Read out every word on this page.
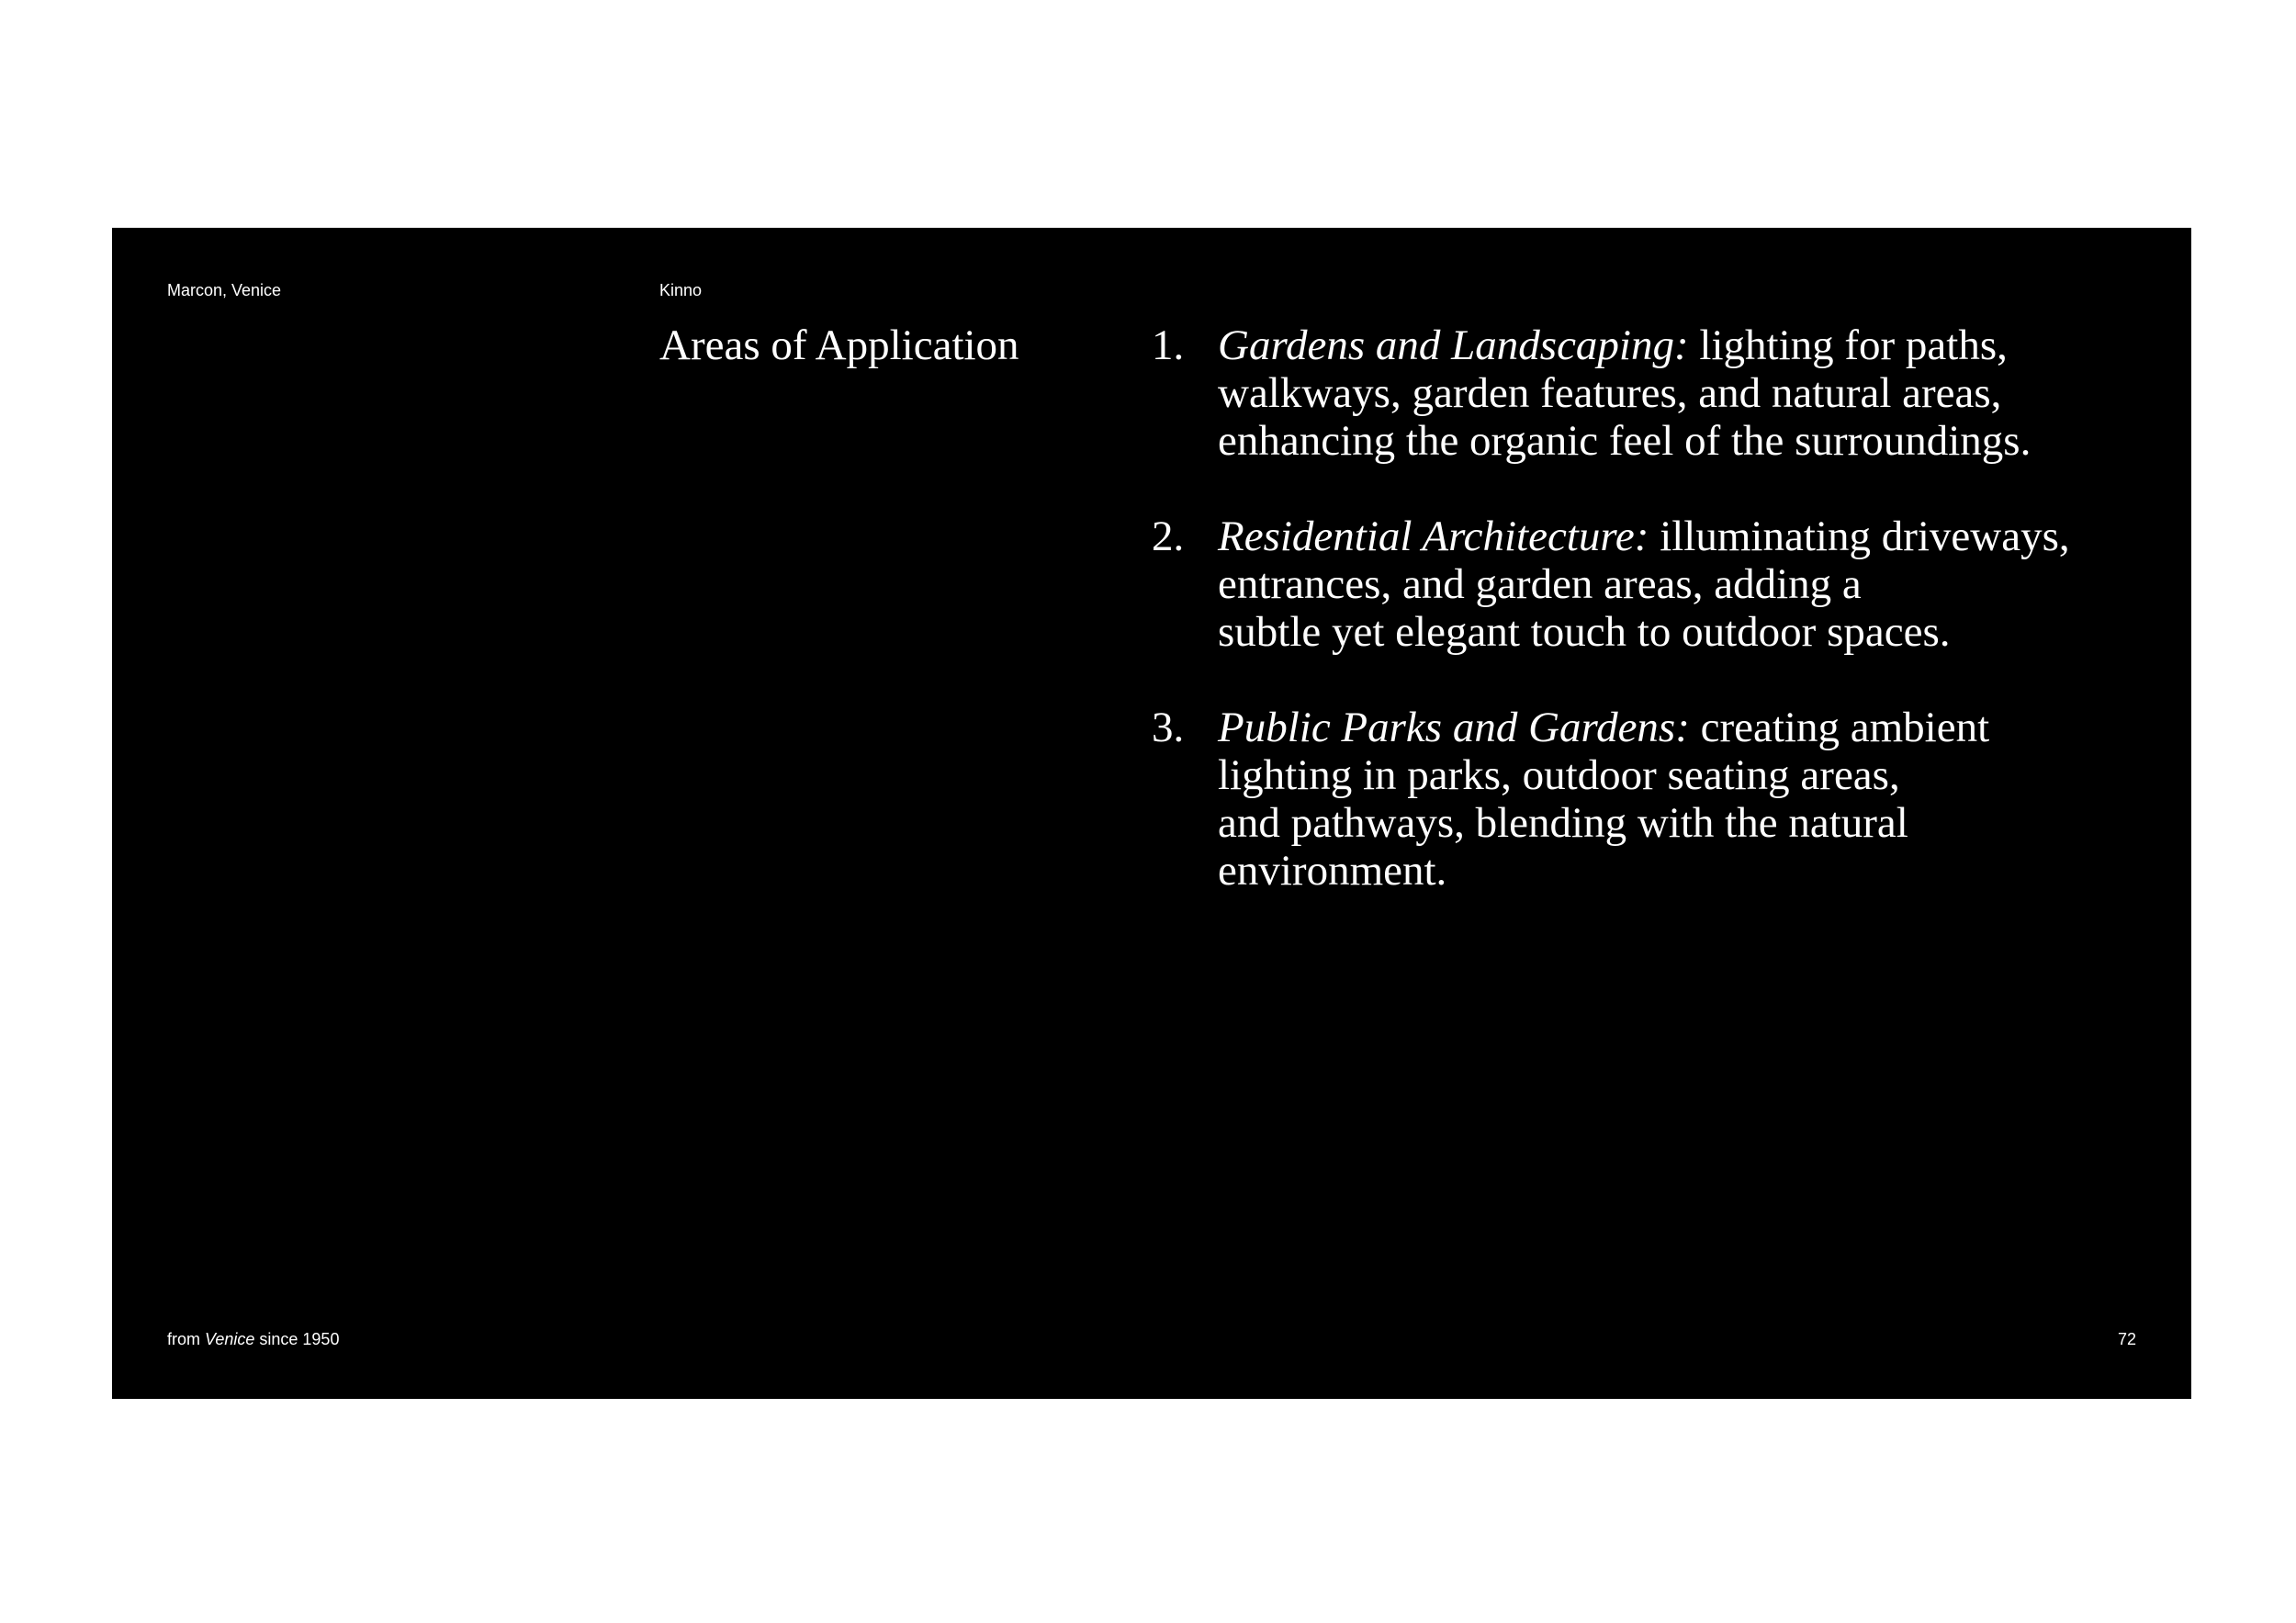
Marcon, Venice	Kinno
Areas of Application	1. Gardens and Landscaping: lighting for paths,
walkways, garden features, and natural areas,
enhancing the organic feel of the surroundings.
2. Residential Architecture: illuminating driveways,
entrances, and garden areas, adding a
subtle yet elegant touch to outdoor spaces.
3. Public Parks and Gardens: creating ambient
lighting in parks, outdoor seating areas,
and pathways, blending with the natural
environment.
from Venice since 1950	72
